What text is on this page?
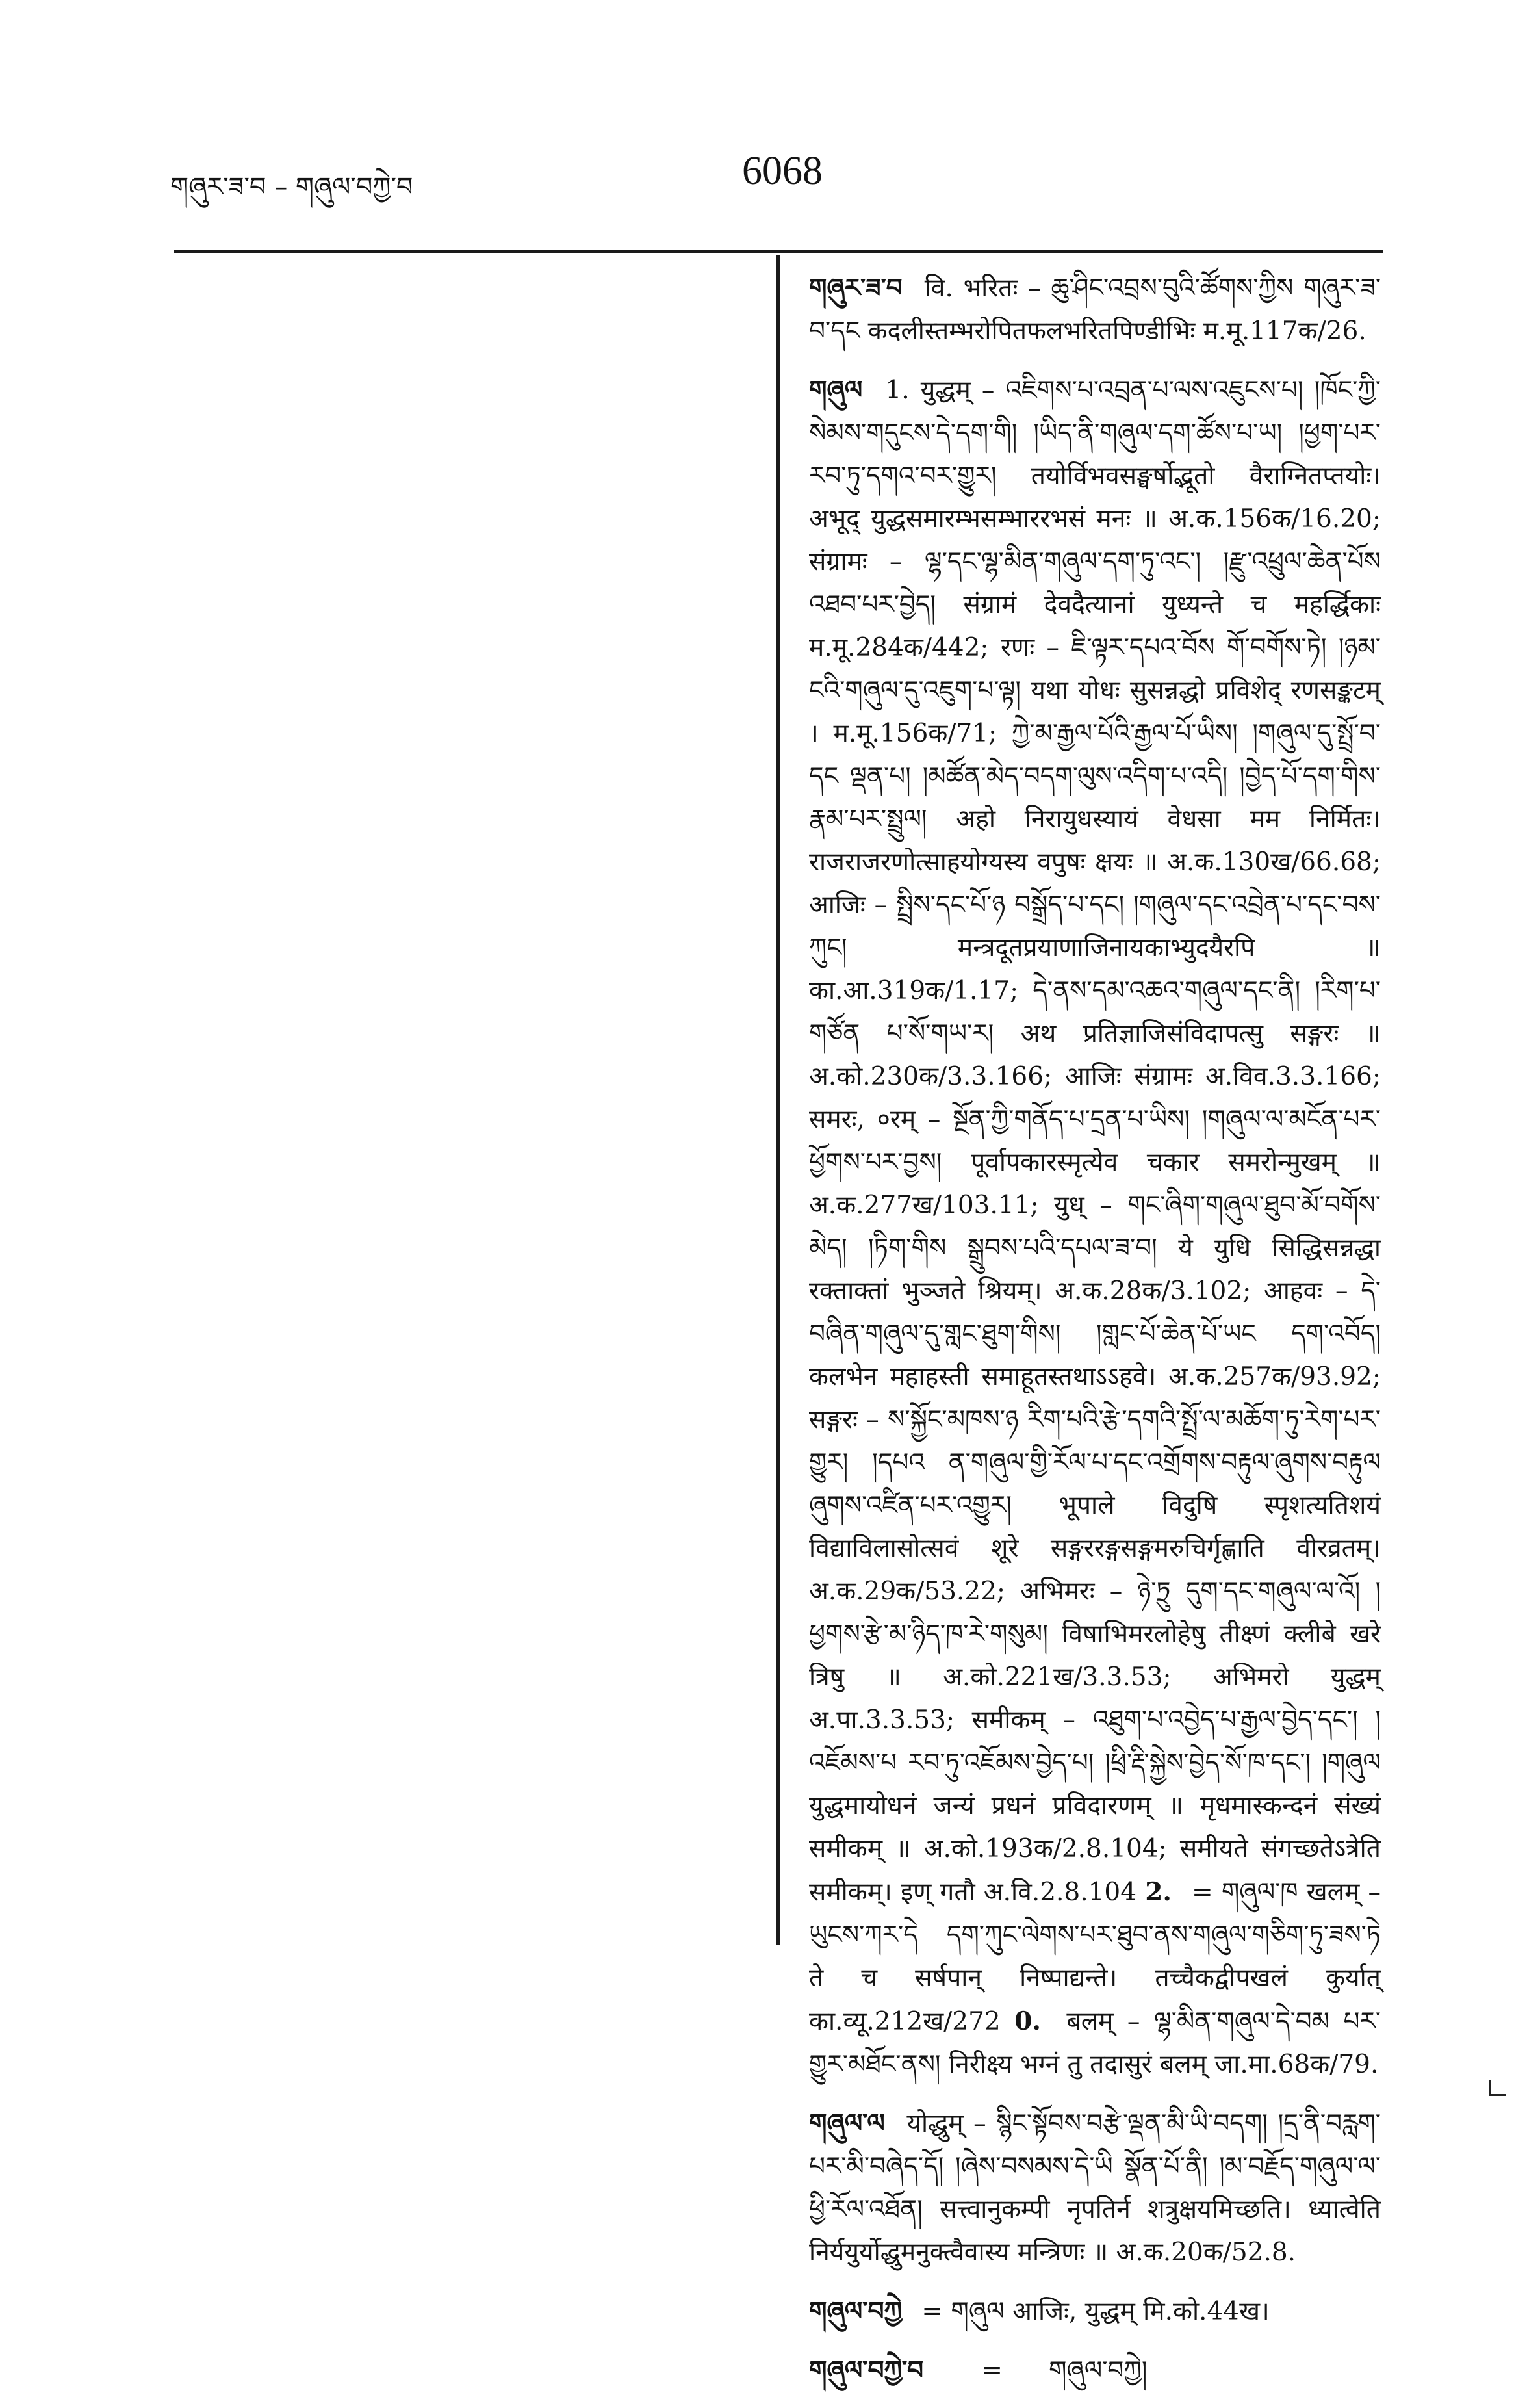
གཞུར་ཟ་བ – གཞུལ་བཀྱེ་བ	6068

གཞུར་ཟ་བ वि. भरितः – ཆུ་ཤིང་འབྲས་བུའི་ཚོགས་ཀྱིས གཞུར་ཟ་བ་དང कदलीस्तम्भरोपितफलभरितपिण्डीभिः म.मू.117क/26.

གཞུལ 1. युद्धम् – འཇིགས་པ་འབྲན་པ་ལས་འཇུངས་པ། །ཁོང་ཀྱི་སེམས་གདུངས་དེ་དག་གི། །ཡིད་ནི་གཞུལ་དག་ཚོས་པ་ཡ། །ཕྱག་པར་རབ་ཏུ་དགའ་བར་གྱུར། तयोर्विभवसङ्घर्षोद्भूतो वैराग्नितप्तयोः। अभूद् युद्धसमारम्भसम्भाररभसं मनः ॥ अ.क.156क/16.20; संग्रामः – ལྷ་དང་ལྷ་མིན་གཞུལ་དག་ཏུ་འང་། །རྫུ་འཕྲུལ་ཆེན་པོས འཐབ་པར་བྱེད། संग्रामं देवदैत्यानां युध्यन्ते च महर्द्धिकाः म.मू.284क/442; रणः – ཇི་ལྟར་དཔའ་བོས གོ་བགོས་ཏེ། །ཉམ་ངའི་གཞུལ་དུ་འཇུག་པ་ལྟ། यथा योधः सुसन्नद्धो प्रविशेद् रणसङ्कटम् । म.मू.156क/71; ཀྱེ་མ་རྒྱལ་པོའི་རྒྱལ་པོ་ཡིས། །གཞུལ་དུ་སྤྲོ་བ་དང ལྡན་པ། །མཚོན་མེད་བདག་ལུས་འདིག་པ་འདི། །བྱེད་པོ་དག་གིས་རྣམ་པར་སྤྲུལ། अहो निरायुधस्यायं वेधसा मम निर्मितः। राजराजरणोत्साहयोग्यस्य वपुषः क्षयः ॥ अ.क.130ख/66.68; आजिः – སྤྲིས་དང་པོ་ཉ བསྒྲོད་པ་དང། །གཞུལ་དང་འབྲེན་པ་དང་བས་ཀུང། मन्त्रदूतप्रयाणाजिनायकाभ्युदयैरपि ॥ का.आ.319क/1.17; དེ་ནས་དམ་འཆའ་གཞུལ་དང་ནི། །རིག་པ་གཙོན པ་སོ་གཡ་ར། अथ प्रतिज्ञाजिसंविदापत्सु सङ्गरः ॥ अ.को.230क/3.3.166; आजिः संग्रामः अ.विव.3.3.166; समरः, ०रम् – སྔོན་ཀྱི་གནོད་པ་དྲན་པ་ཡིས། །གཞུལ་ལ་མངོན་པར་ཕྱོགས་པར་བྱས། पूर्वापकारस्मृत्येव चकार समरोन्मुखम् ॥ अ.क.277ख/103.11; युध् – གང་ཞིག་གཞུལ་ཐུབ་མོ་བགོས་མེད། །ཏིག་གིས སྒྲུབས་པའི་དཔལ་ཟ་བ། ये युधि सिद्धिसन्नद्धा रक्ताक्तां भुञ्जते श्रियम्। अ.क.28क/3.102; आहवः – དེ་བཞིན་གཞུལ་དུ་གླང་ཐུག་གིས། །གླང་པོ་ཆེན་པོ་ཡང དག་འབོད། कलभेन महाहस्ती समाहूतस्तथाऽऽहवे। अ.क.257क/93.92; सङ्गरः – ས་སྐྱོང་མཁས་ཉ རིག་པའི་རྩེ་དགའི་སྤྲོ་ལ་མཆོག་ཏུ་རེག་པར་གྱུར། །དཔའ ན་གཞུལ་གྱི་རོལ་པ་དང་འགྲོགས་བརྟུལ་ཞུགས་བརྟུལ ཞུགས་འཛིན་པར་འགྱུར། भूपाले विदुषि स्पृशत्यतिशयं विद्याविलासोत्सवं शूरे सङ्गररङ्गसङ्गमरुचिर्गृह्णाति वीरव्रतम्। अ.क.29क/53.22; अभिमरः – ཉེ་ཏྲུ དུག་དང་གཞུལ་ལ་འོ། །ཕྱགས་རྩེ་མ་ཉིད་ཁ་རེ་གསུམ། विषाभिमरलोहेषु तीक्ष्णं क्लीबे खरे त्रिषु ॥ अ.को.221ख/3.3.53; अभिमरो युद्धम् अ.पा.3.3.53; समीकम् – འཐུག་པ་འབྱེད་པ་རྒྱལ་བྱེད་དང་། །འཇོམས་པ རབ་ཏུ་འཇོམས་བྱེད་པ། །ཕྲི་རྡི་སྐྱེས་བྱེད་སོ་ཁ་དང་། །གཞུལ युद्धमायोधनं जन्यं प्रधनं प्रविदारणम् ॥ मृधमास्कन्दनं संख्यं समीकम् ॥ अ.को.193क/2.8.104; समीयते संगच्छतेऽत्रेति समीकम्। इण् गतौ अ.वि.2.8.104 2. = གཞུལ་ཁ खलम् – ཡུངས་ཀར་དེ དག་ཀུང་ལེགས་པར་ཐུབ་ནས་གཞུལ་གཅིག་ཏུ་ཟས་ཏེ ते च सर्षपान् निष्पाद्यन्ते। तच्चैकद्वीपखलं कुर्यात् का.व्यू.212ख/272 0. बलम् – ལྷ་མིན་གཞུལ་དེ་བམ པར་གྱུར་མཐོང་ནས། निरीक्ष्य भग्नं तु तदासुरं बलम् जा.मा.68क/79.

གཞུལ་ལ योद्धुम् – སྙིང་སྟོབས་བརྩེ་ལྡན་མི་ཡི་བདག། །དྲ་ནི་བརླག་པར་མི་བཞེད་དོ། །ཞེས་བསམས་དེ་ཡི སྣོན་པོ་ནི། །མ་བརྗོད་གཞུལ་ལ་ཕྱི་རོལ་འཐོན། सत्त्वानुकम्पी नृपतिर्न शत्रुक्षयमिच्छति। ध्यात्वेति निर्ययुर्योद्धुमनुक्त्वैवास्य मन्त्रिणः ॥ अ.क.20क/52.8.

གཞུལ་བཀྱེ = གཞུལ आजिः, युद्धम् मि.को.44ख।

གཞུལ་བཀྱེ་བ = གཞུལ་བཀྱེ།
